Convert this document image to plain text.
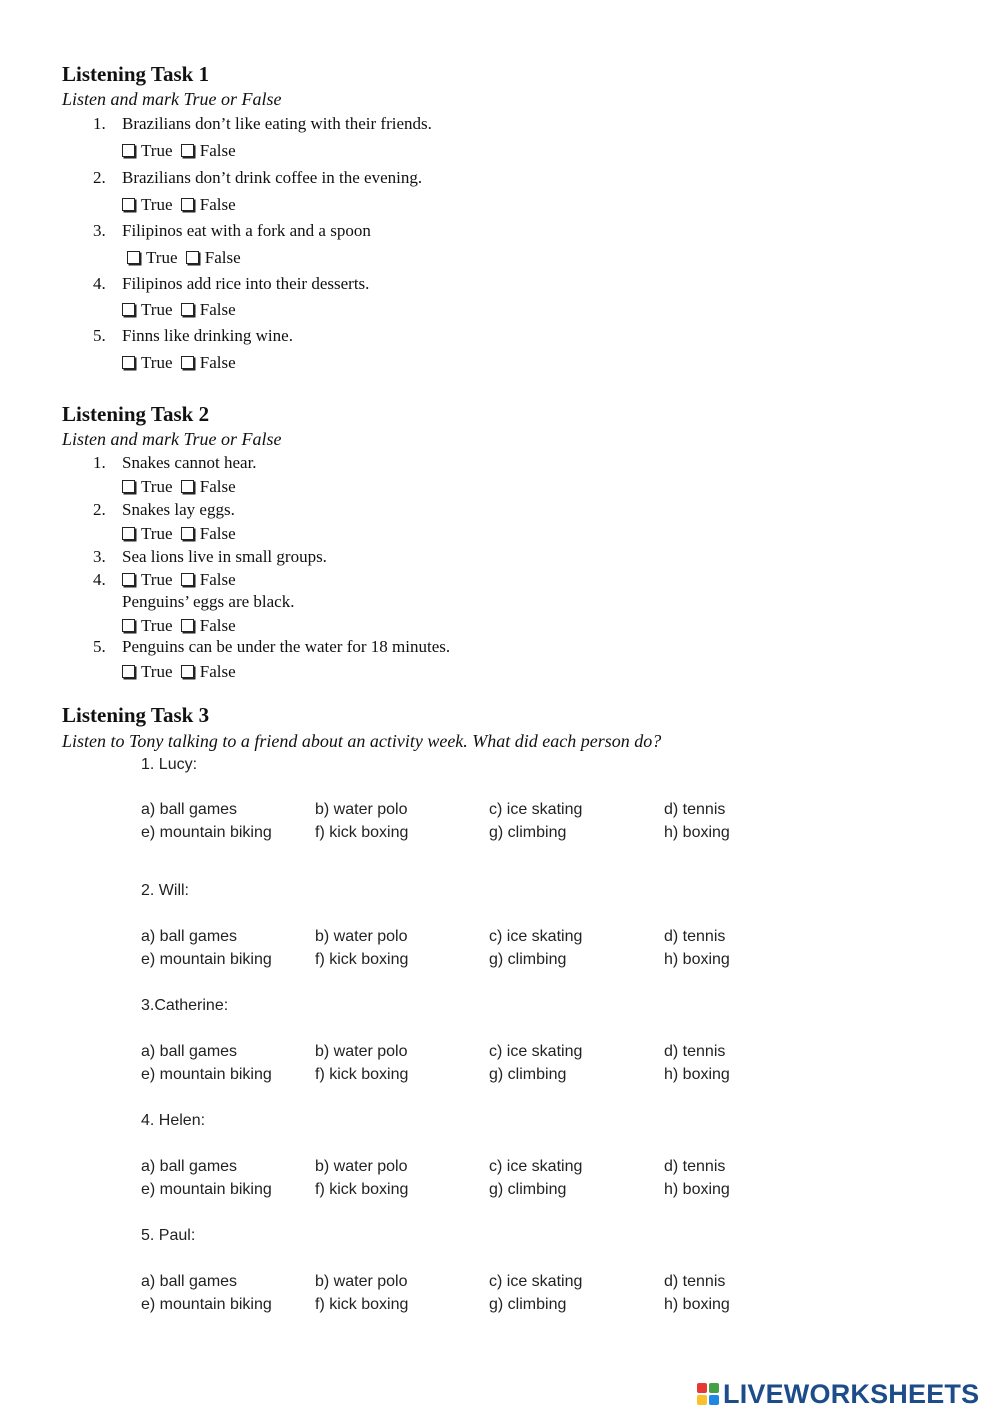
Listening Task 1
Listen and mark True or False
1. Brazilians don’t like eating with their friends.
True False
2. Brazilians don’t drink coffee in the evening.
True False
3. Filipinos eat with a fork and a spoon
True False
4. Filipinos add rice into their desserts.
True False
5. Finns like drinking wine.
True False
Listening Task 2
Listen and mark True or False
1. Snakes cannot hear.
True False
2. Snakes lay eggs.
True False
3. Sea lions live in small groups.
4.	True False
Penguins’ eggs are black.
True False
5. Penguins can be under the water for 18 minutes.
True False
Listening Task 3
Listen to Tony talking to a friend about an activity week. What did each person do?
1. Lucy:
a) ball games	b) water polo	c) ice skating	d) tennis
e) mountain biking	f) kick boxing	g) climbing	h) boxing
2. Will:
a) ball games	b) water polo	c) ice skating	d) tennis
e) mountain biking	f) kick boxing	g) climbing	h) boxing
3.Catherine:
a) ball games	b) water polo	c) ice skating	d) tennis
e) mountain biking	f) kick boxing	g) climbing	h) boxing
4. Helen:
a) ball games	b) water polo	c) ice skating	d) tennis
e) mountain biking	f) kick boxing	g) climbing	h) boxing
5. Paul:
a) ball games	b) water polo	c) ice skating	d) tennis
e) mountain biking	f) kick boxing	g) climbing	h) boxing
LIVEWORKSHEETS
